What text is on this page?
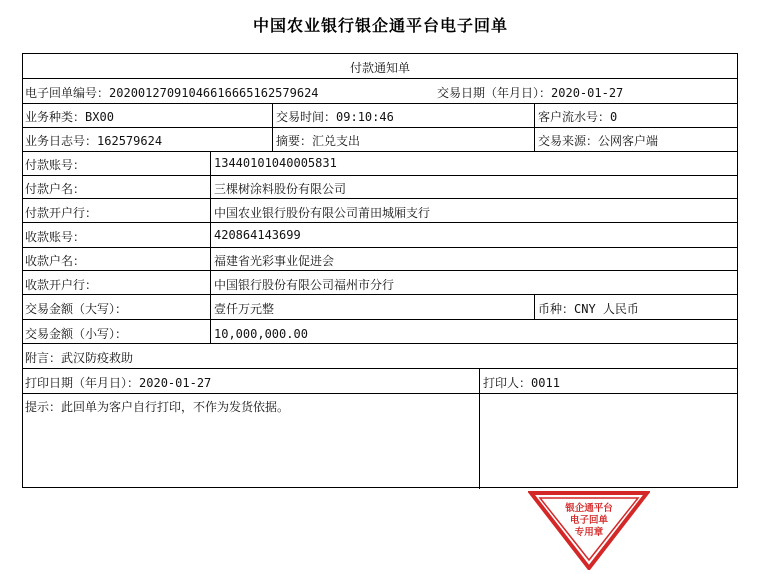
中国农业银行银企通平台电子回单
付款通知单
电子回单编号：20200127091046616665162579624	交易日期（年月日）：2020-01-27
业务种类：BX00	交易时间：09:10:46	客户流水号：0
业务日志号：162579624	摘要：汇兑支出	交易来源：公网客户端
付款账号：	13440101040005831
付款户名：	三棵树涂料股份有限公司
付款开户行：	中国农业银行股份有限公司莆田城厢支行
收款账号：	420864143699
收款户名：	福建省光彩事业促进会
收款开户行：	中国银行股份有限公司福州市分行
交易金额（大写）：	壹仟万元整	币种：CNY 人民币
交易金额（小写）：	10,000,000.00
附言：武汉防疫救助
打印日期（年月日）：2020-01-27	打印人：0011
提示：此回单为客户自行打印，不作为发货依据。
银企通平台
电子回单
专用章
